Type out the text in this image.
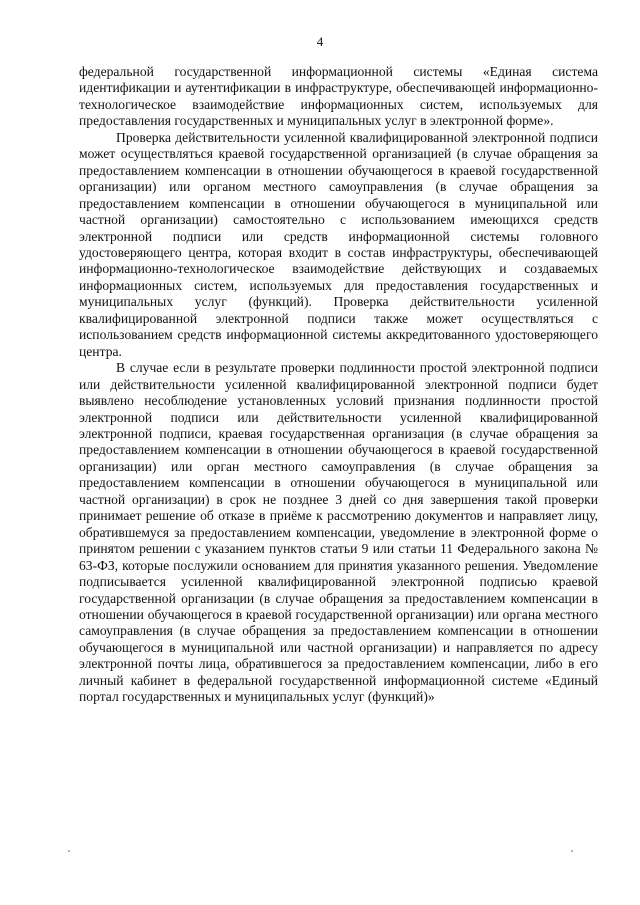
4

федеральной государственной информационной системы «Единая система идентификации и аутентификации в инфраструктуре, обеспечивающей информационно-технологическое взаимодействие информационных систем, используемых для предоставления государственных и муниципальных услуг в электронной форме».

Проверка действительности усиленной квалифицированной электронной подписи может осуществляться краевой государственной организацией (в случае обращения за предоставлением компенсации в отношении обучающегося в краевой государственной организации) или органом местного самоуправления (в случае обращения за предоставлением компенсации в отношении обучающегося в муниципальной или частной организации) самостоятельно с использованием имеющихся средств электронной подписи или средств информационной системы головного удостоверяющего центра, которая входит в состав инфраструктуры, обеспечивающей информационно-технологическое взаимодействие действующих и создаваемых информационных систем, используемых для предоставления государственных и муниципальных услуг (функций). Проверка действительности усиленной квалифицированной электронной подписи также может осуществляться с использованием средств информационной системы аккредитованного удостоверяющего центра.

В случае если в результате проверки подлинности простой электронной подписи или действительности усиленной квалифицированной электронной подписи будет выявлено несоблюдение установленных условий признания подлинности простой электронной подписи или действительности усиленной квалифицированной электронной подписи, краевая государственная организация (в случае обращения за предоставлением компенсации в отношении обучающегося в краевой государственной организации) или орган местного самоуправления (в случае обращения за предоставлением компенсации в отношении обучающегося в муниципальной или частной организации) в срок не позднее 3 дней со дня завершения такой проверки принимает решение об отказе в приёме к рассмотрению документов и направляет лицу, обратившемуся за предоставлением компенсации, уведомление в электронной форме о принятом решении с указанием пунктов статьи 9 или статьи 11 Федерального закона № 63-ФЗ, которые послужили основанием для принятия указанного решения. Уведомление подписывается усиленной квалифицированной электронной подписью краевой государственной организации (в случае обращения за предоставлением компенсации в отношении обучающегося в краевой государственной организации) или органа местного самоуправления (в случае обращения за предоставлением компенсации в отношении обучающегося в муниципальной или частной организации) и направляется по адресу электронной почты лица, обратившегося за предоставлением компенсации, либо в его личный кабинет в федеральной государственной информационной системе «Единый портал государственных и муниципальных услуг (функций)»
